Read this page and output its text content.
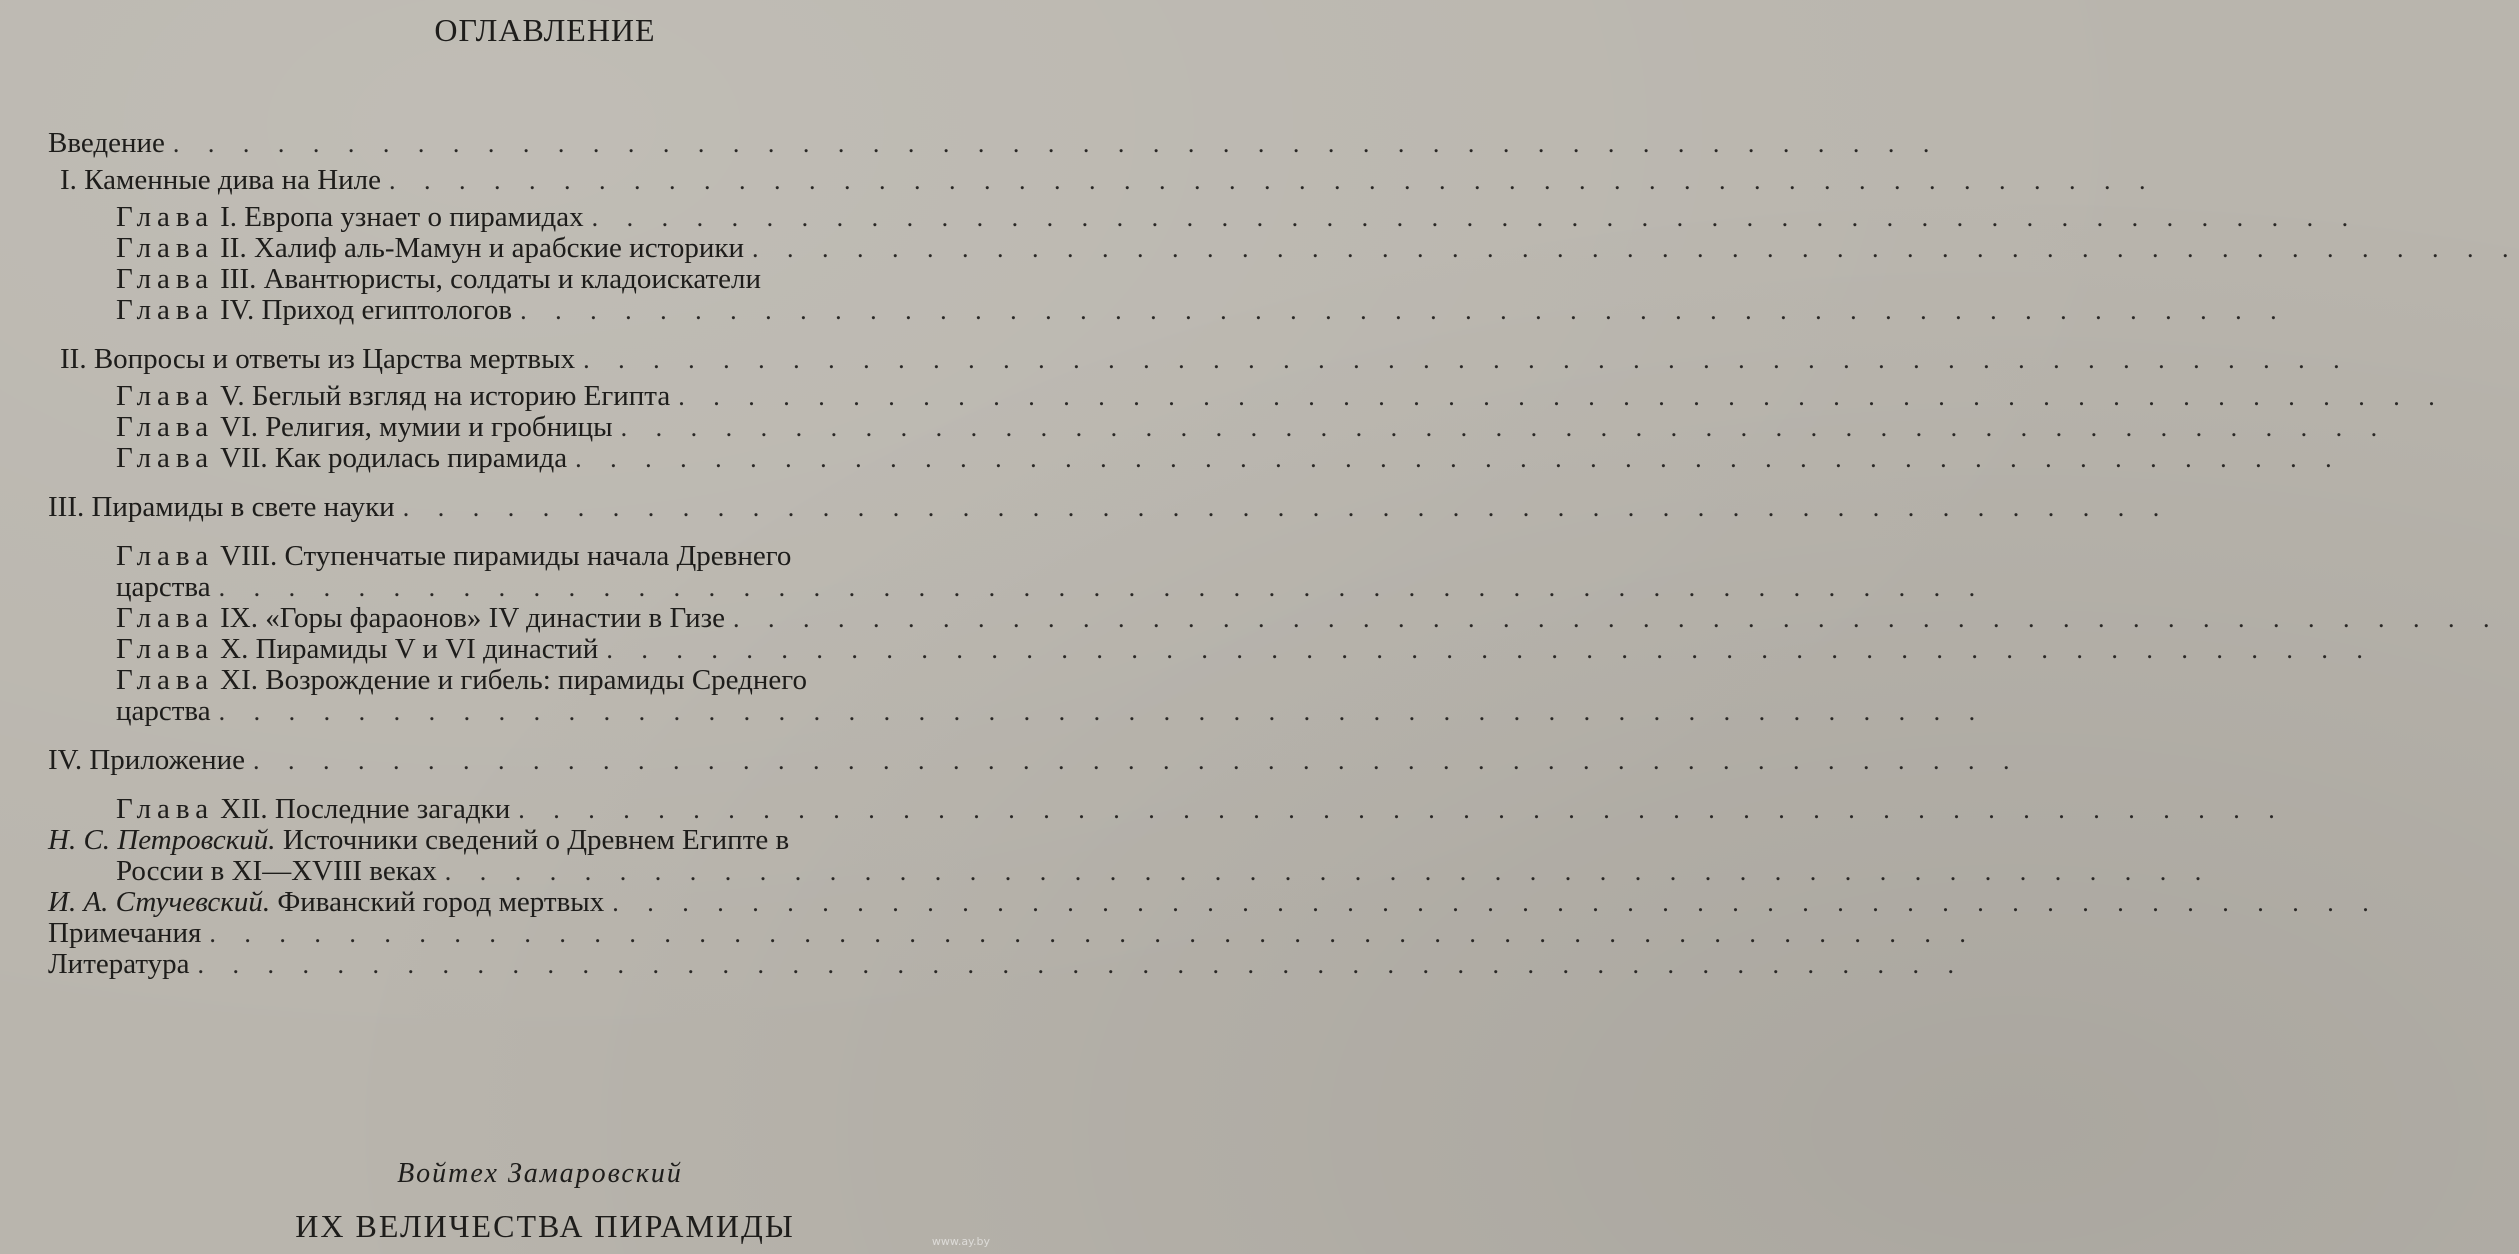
ОГЛАВЛЕНИЕ
Введение
. . .
I. Каменные дива на Ниле
. . .
Глава I. Европа узнает о пирамидах
. . .
Глава II. Халиф аль-Мамун и арабские историки
. . .
Глава III. Авантюристы, солдаты и кладоискатели
Глава IV. Приход египтологов
. . .
II. Вопросы и ответы из Царства мертвых
. . .
Глава V. Беглый взгляд на историю Египта
. . .
Глава VI. Религия, мумии и гробницы
. . .
Глава VII. Как родилась пирамида
. . .
III. Пирамиды в свете науки
. . .
Глава VIII. Ступенчатые пирамиды начала Древнего
царства
. . .
Глава IX. «Горы фараонов» IV династии в Гизе
. . .
Глава X. Пирамиды V и VI династий
. . .
Глава XI. Возрождение и гибель: пирамиды Среднего
царства
. . .
IV. Приложение
. . .
Глава XII. Последние загадки
. . .
Н. С. Петровский. Источники сведений о Древнем Египте в
России в XI—XVIII веках
. . .
И. А. Стучевский. Фиванский город мертвых
. . .
Примечания
. . .
Литература
. . .
Войтех Замаровский
ИХ ВЕЛИЧЕСТВА ПИРАМИДЫ	www.ay.by
